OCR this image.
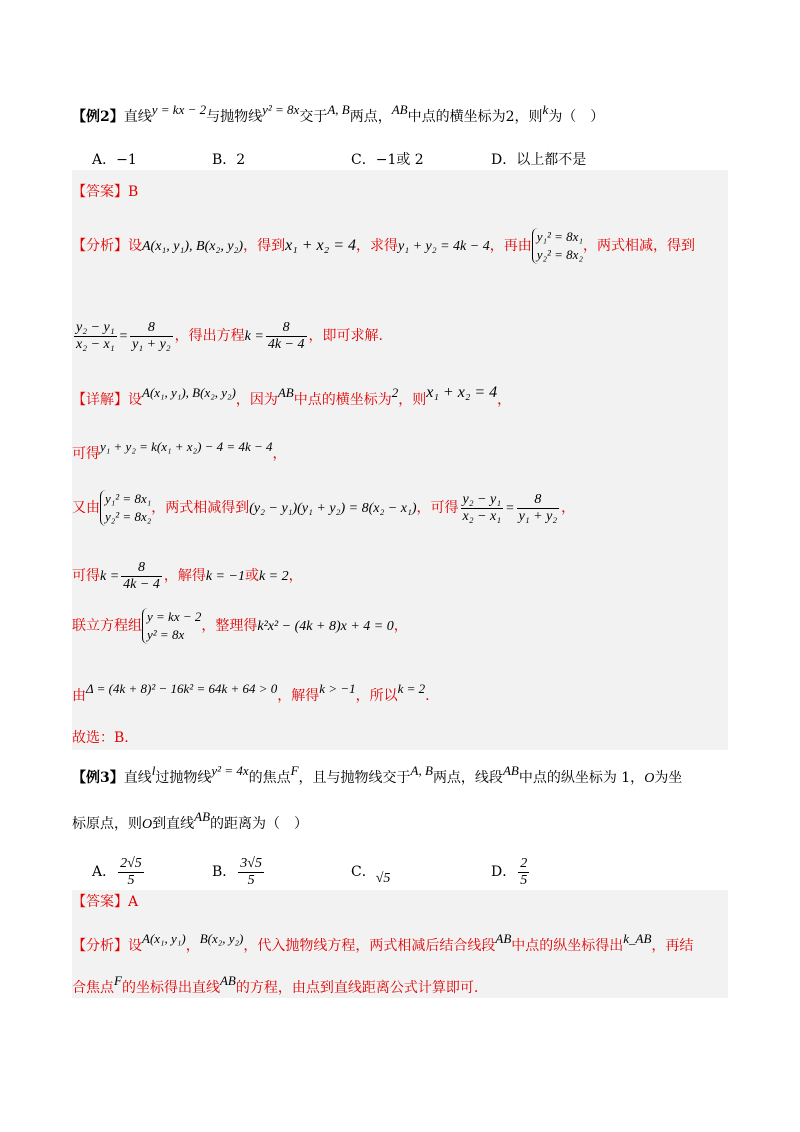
【例2】直线y = kx − 2与抛物线y² = 8x交于A, B两点，AB中点的横坐标为2，则k为（　）
A．−1	B．2	C．−1或 2	D．以上都不是
【答案】B
【分析】设A(x₁, y₁), B(x₂, y₂)，得到x₁ + x₂ = 4，求得y₁ + y₂ = 4k − 4，再由
y₁² = 8x₁
y₂² = 8x₂
，两式相减，得到
$\frac{\text{y₂ − y₁}}{\text{x₂ − x₁}} = \frac{8}{\text{y₁ + y₂}}$ ，得出方程$k = \frac{8}{4k - 4}$ ，即可求解.
【详解】设A(x₁, y₁), B(x₂, y₂)，因为AB中点的横坐标为2，则x₁ + x₂ = 4，
可得y₁ + y₂ = k(x₁ + x₂) − 4 = 4k − 4，
又由
y₁² = 8x₁
y₂² = 8x₂
，两式相减得到(y₂ − y₁)(y₁ + y₂) = 8(x₂ − x₁)，可得 $\frac{\text{y₂ − y₁}}{\text{x₂ − x₁}} = \frac{8}{\text{y₁ + y₂}}$ ，
可得$k = \frac{8}{4k - 4}$ ，解得k = −1或k = 2，
联立方程组
y = kx − 2
y² = 8x
，整理得k²x² − (4k + 8)x + 4 = 0，
由Δ = (4k + 8)² − 16k² = 64k + 64 > 0，解得k > −1，所以k = 2.
故选：B.
【例3】直线l过抛物线y² = 4x的焦点F，且与抛物线交于A, B两点，线段AB中点的纵坐标为 1，O为坐
标原点，则O到直线AB的距离为（　）
A． $\frac{2√5}{5}$	B． $\frac{3√5}{5}$	C．√5	D． $\frac{2}{5}$
【答案】A
【分析】设A(x₁, y₁)，B(x₂, y₂)，代入抛物线方程，两式相减后结合线段AB中点的纵坐标得出k_AB，再结
合焦点F的坐标得出直线AB的方程，由点到直线距离公式计算即可.
